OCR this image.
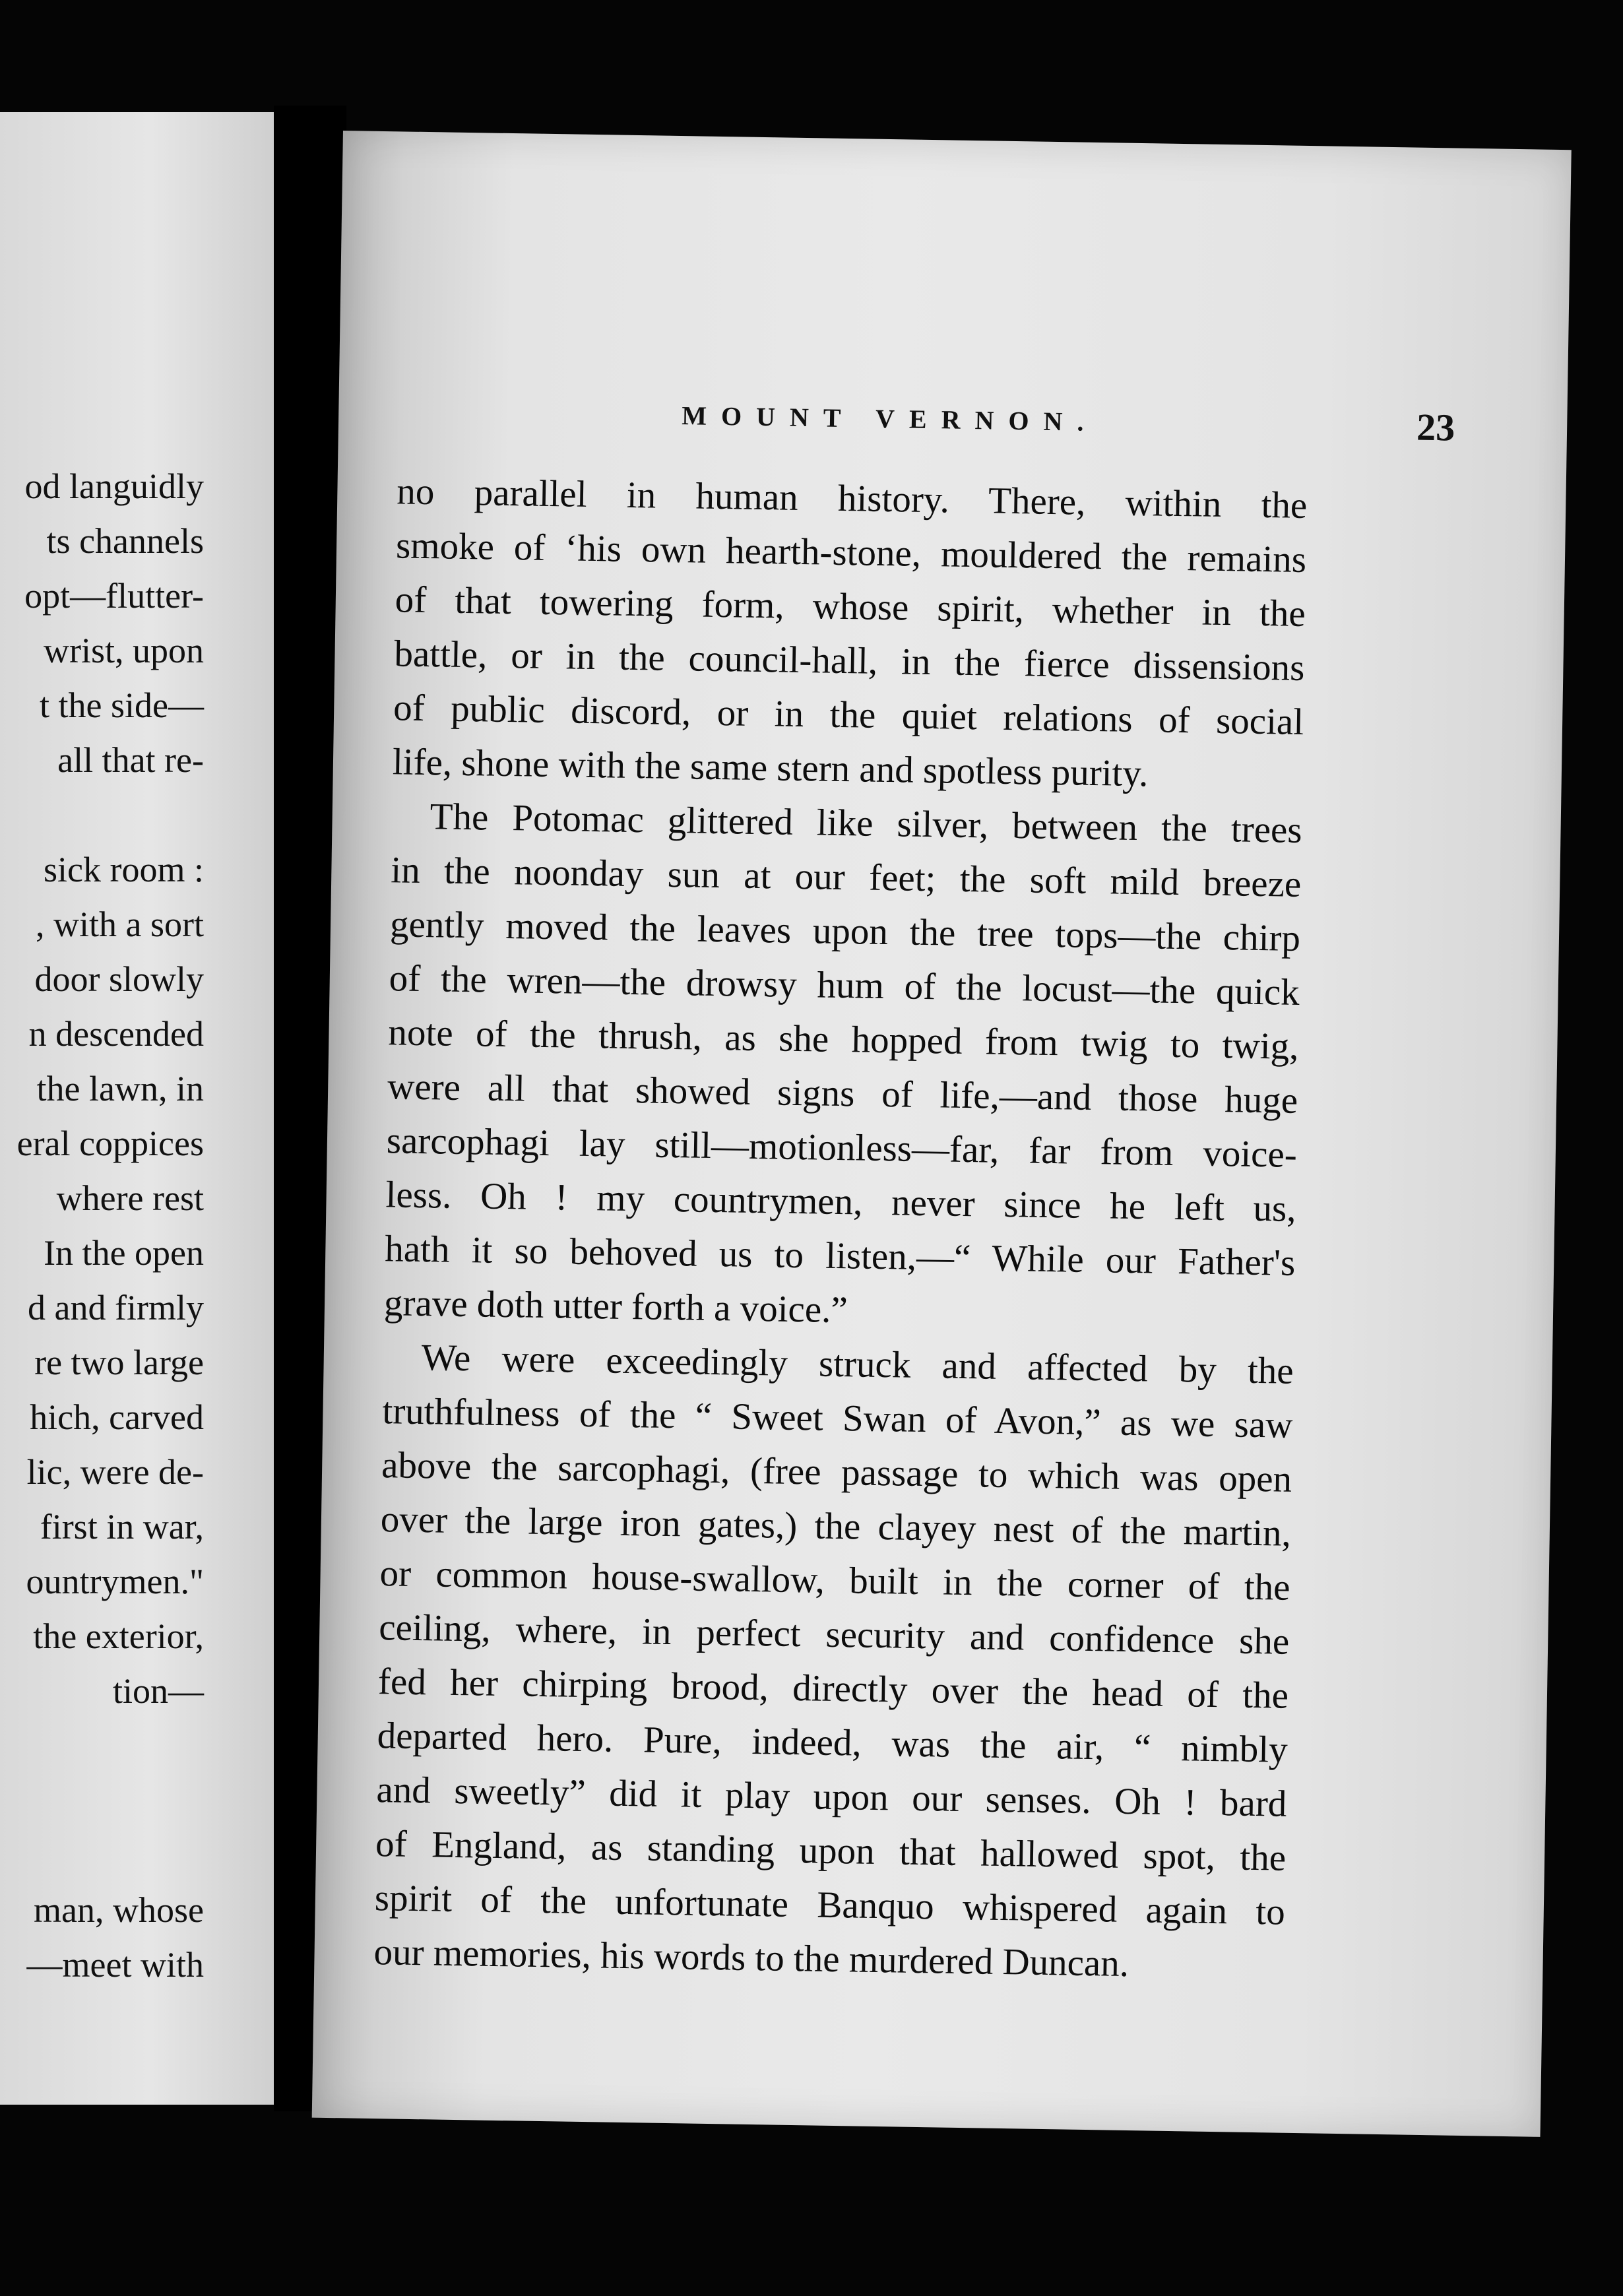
od languidly
ts channels
opt—flutter-
wrist, upon
t the side—
all that re-
sick room :
, with a sort
door slowly
n descended
the lawn, in
eral coppices
where rest
In the open
d and firmly
re two large
hich, carved
lic, were de-
first in war,
ountrymen."
the exterior,
tion—
man, whose
—meet with
MOUNT VERNON.	23
no parallel in human history. There, within the
smoke of ‘his own hearth-stone, mouldered the remains
of that towering form, whose spirit, whether in the
battle, or in the council-hall, in the fierce dissensions
of public discord, or in the quiet relations of social
life, shone with the same stern and spotless purity.
The Potomac glittered like silver, between the trees
in the noonday sun at our feet; the soft mild breeze
gently moved the leaves upon the tree tops—the chirp
of the wren—the drowsy hum of the locust—the quick
note of the thrush, as she hopped from twig to twig,
were all that showed signs of life,—and those huge
sarcophagi lay still—motionless—far, far from voice-
less. Oh ! my countrymen, never since he left us,
hath it so behoved us to listen,—“ While our Father's
grave doth utter forth a voice.”
We were exceedingly struck and affected by the
truthfulness of the “ Sweet Swan of Avon,” as we saw
above the sarcophagi, (free passage to which was open
over the large iron gates,) the clayey nest of the martin,
or common house-swallow, built in the corner of the
ceiling, where, in perfect security and confidence she
fed her chirping brood, directly over the head of the
departed hero. Pure, indeed, was the air, “ nimbly
and sweetly” did it play upon our senses. Oh ! bard
of England, as standing upon that hallowed spot, the
spirit of the unfortunate Banquo whispered again to
our memories, his words to the murdered Duncan.
